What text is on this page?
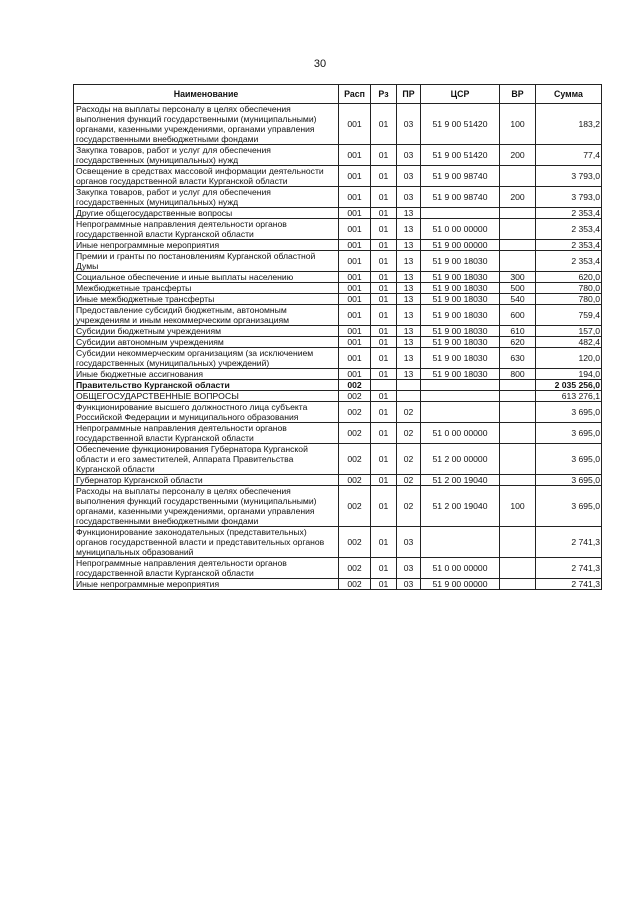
30
Наименование	Расп	Рз	ПР	ЦСР	ВР	Сумма
Расходы на выплаты персоналу в целях обеспечения выполнения функций государственными (муниципальными) органами, казенными учреждениями, органами управления государственными внебюджетными фондами	001	01	03	51 9 00 51420	100	183,2
Закупка товаров, работ и услуг для обеспечения государственных (муниципальных) нужд	001	01	03	51 9 00 51420	200	77,4
Освещение в средствах массовой информации деятельности органов государственной власти Курганской области	001	01	03	51 9 00 98740		3 793,0
Закупка товаров, работ и услуг для обеспечения государственных (муниципальных) нужд	001	01	03	51 9 00 98740	200	3 793,0
Другие общегосударственные вопросы	001	01	13			2 353,4
Непрограммные направления деятельности органов государственной власти Курганской области	001	01	13	51 0 00 00000		2 353,4
Иные непрограммные мероприятия	001	01	13	51 9 00 00000		2 353,4
Премии и гранты по постановлениям Курганской областной Думы	001	01	13	51 9 00 18030		2 353,4
Социальное обеспечение и иные выплаты населению	001	01	13	51 9 00 18030	300	620,0
Межбюджетные трансферты	001	01	13	51 9 00 18030	500	780,0
Иные межбюджетные трансферты	001	01	13	51 9 00 18030	540	780,0
Предоставление субсидий бюджетным, автономным учреждениям и иным некоммерческим организациям	001	01	13	51 9 00 18030	600	759,4
Субсидии бюджетным учреждениям	001	01	13	51 9 00 18030	610	157,0
Субсидии автономным учреждениям	001	01	13	51 9 00 18030	620	482,4
Субсидии некоммерческим организациям (за исключением государственных (муниципальных) учреждений)	001	01	13	51 9 00 18030	630	120,0
Иные бюджетные ассигнования	001	01	13	51 9 00 18030	800	194,0
Правительство Курганской области	002					2 035 256,0
ОБЩЕГОСУДАРСТВЕННЫЕ ВОПРОСЫ	002	01				613 276,1
Функционирование высшего должностного лица субъекта Российской Федерации и муниципального образования	002	01	02			3 695,0
Непрограммные направления деятельности органов государственной власти Курганской области	002	01	02	51 0 00 00000		3 695,0
Обеспечение функционирования Губернатора Курганской области и его заместителей, Аппарата Правительства Курганской области	002	01	02	51 2 00 00000		3 695,0
Губернатор Курганской области	002	01	02	51 2 00 19040		3 695,0
Расходы на выплаты персоналу в целях обеспечения выполнения функций государственными (муниципальными) органами, казенными учреждениями, органами управления государственными внебюджетными фондами	002	01	02	51 2 00 19040	100	3 695,0
Функционирование законодательных (представительных) органов государственной власти и представительных органов муниципальных образований	002	01	03			2 741,3
Непрограммные направления деятельности органов государственной власти Курганской области	002	01	03	51 0 00 00000		2 741,3
Иные непрограммные мероприятия	002	01	03	51 9 00 00000		2 741,3
